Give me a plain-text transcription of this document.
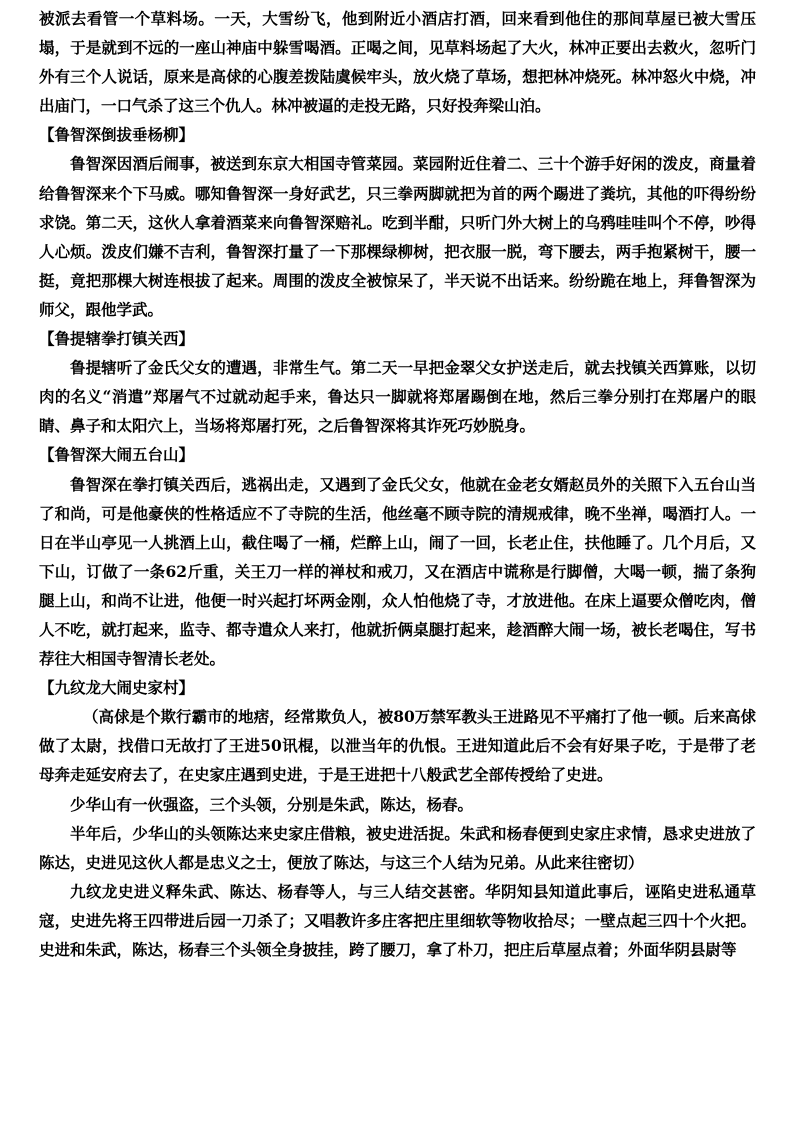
被派去看管一个草料场。一天，大雪纷飞，他到附近小酒店打酒，回来看到他住的那间草屋已被大雪压塌，于是就到不远的一座山神庙中躲雪喝酒。正喝之间，见草料场起了大火，林冲正要出去救火，忽听门外有三个人说话，原来是高俅的心腹差拨陆虞候牢头，放火烧了草场，想把林冲烧死。林冲怒火中烧，冲出庙门，一口气杀了这三个仇人。林冲被逼的走投无路，只好投奔梁山泊。

【鲁智深倒拔垂杨柳】

鲁智深因酒后闹事，被送到东京大相国寺管菜园。菜园附近住着二、三十个游手好闲的泼皮，商量着给鲁智深来个下马威。哪知鲁智深一身好武艺，只三拳两脚就把为首的两个踢进了粪坑，其他的吓得纷纷求饶。第二天，这伙人拿着酒菜来向鲁智深赔礼。吃到半酣，只听门外大树上的乌鸦哇哇叫个不停，吵得人心烦。泼皮们嫌不吉利，鲁智深打量了一下那棵绿柳树，把衣服一脱，弯下腰去，两手抱紧树干，腰一挺，竟把那棵大树连根拔了起来。周围的泼皮全被惊呆了，半天说不出话来。纷纷跪在地上，拜鲁智深为师父，跟他学武。

【鲁提辖拳打镇关西】

鲁提辖听了金氏父女的遭遇，非常生气。第二天一早把金翠父女护送走后，就去找镇关西算账，以切肉的名义“消遣”郑屠气不过就动起手来，鲁达只一脚就将郑屠踢倒在地，然后三拳分别打在郑屠户的眼睛、鼻子和太阳穴上，当场将郑屠打死，之后鲁智深将其诈死巧妙脱身。

【鲁智深大闹五台山】

鲁智深在拳打镇关西后，逃祸出走，又遇到了金氏父女，他就在金老女婿赵员外的关照下入五台山当了和尚，可是他豪侠的性格适应不了寺院的生活，他丝毫不顾寺院的清规戒律，晚不坐禅，喝酒打人。一日在半山亭见一人挑酒上山，截住喝了一桶，烂醉上山，闹了一回，长老止住，扶他睡了。几个月后，又下山，订做了一条62斤重，关王刀一样的禅杖和戒刀，又在酒店中谎称是行脚僧，大喝一顿，揣了条狗腿上山，和尚不让进，他便一时兴起打坏两金刚，众人怕他烧了寺，才放进他。在床上逼要众僧吃肉，僧人不吃，就打起来，监寺、都寺遣众人来打，他就折俩桌腿打起来，趁酒醉大闹一场，被长老喝住，写书荐往大相国寺智清长老处。

【九纹龙大闹史家村】

（高俅是个欺行霸市的地痞，经常欺负人，被80万禁军教头王进路见不平痛打了他一顿。后来高俅做了太尉，找借口无故打了王进50讯棍，以泄当年的仇恨。王进知道此后不会有好果子吃，于是带了老母奔走延安府去了，在史家庄遇到史进，于是王进把十八般武艺全部传授给了史进。

少华山有一伙强盗，三个头领，分别是朱武，陈达，杨春。

半年后，少华山的头领陈达来史家庄借粮，被史进活捉。朱武和杨春便到史家庄求情，恳求史进放了陈达，史进见这伙人都是忠义之士，便放了陈达，与这三个人结为兄弟。从此来往密切）

九纹龙史进义释朱武、陈达、杨春等人，与三人结交甚密。华阴知县知道此事后，诬陷史进私通草寇，史进先将王四带进后园一刀杀了；又唱教许多庄客把庄里细软等物收拾尽；一壁点起三四十个火把。史进和朱武，陈达，杨春三个头领全身披挂，跨了腰刀，拿了朴刀，把庄后草屋点着；外面华阴县尉等
